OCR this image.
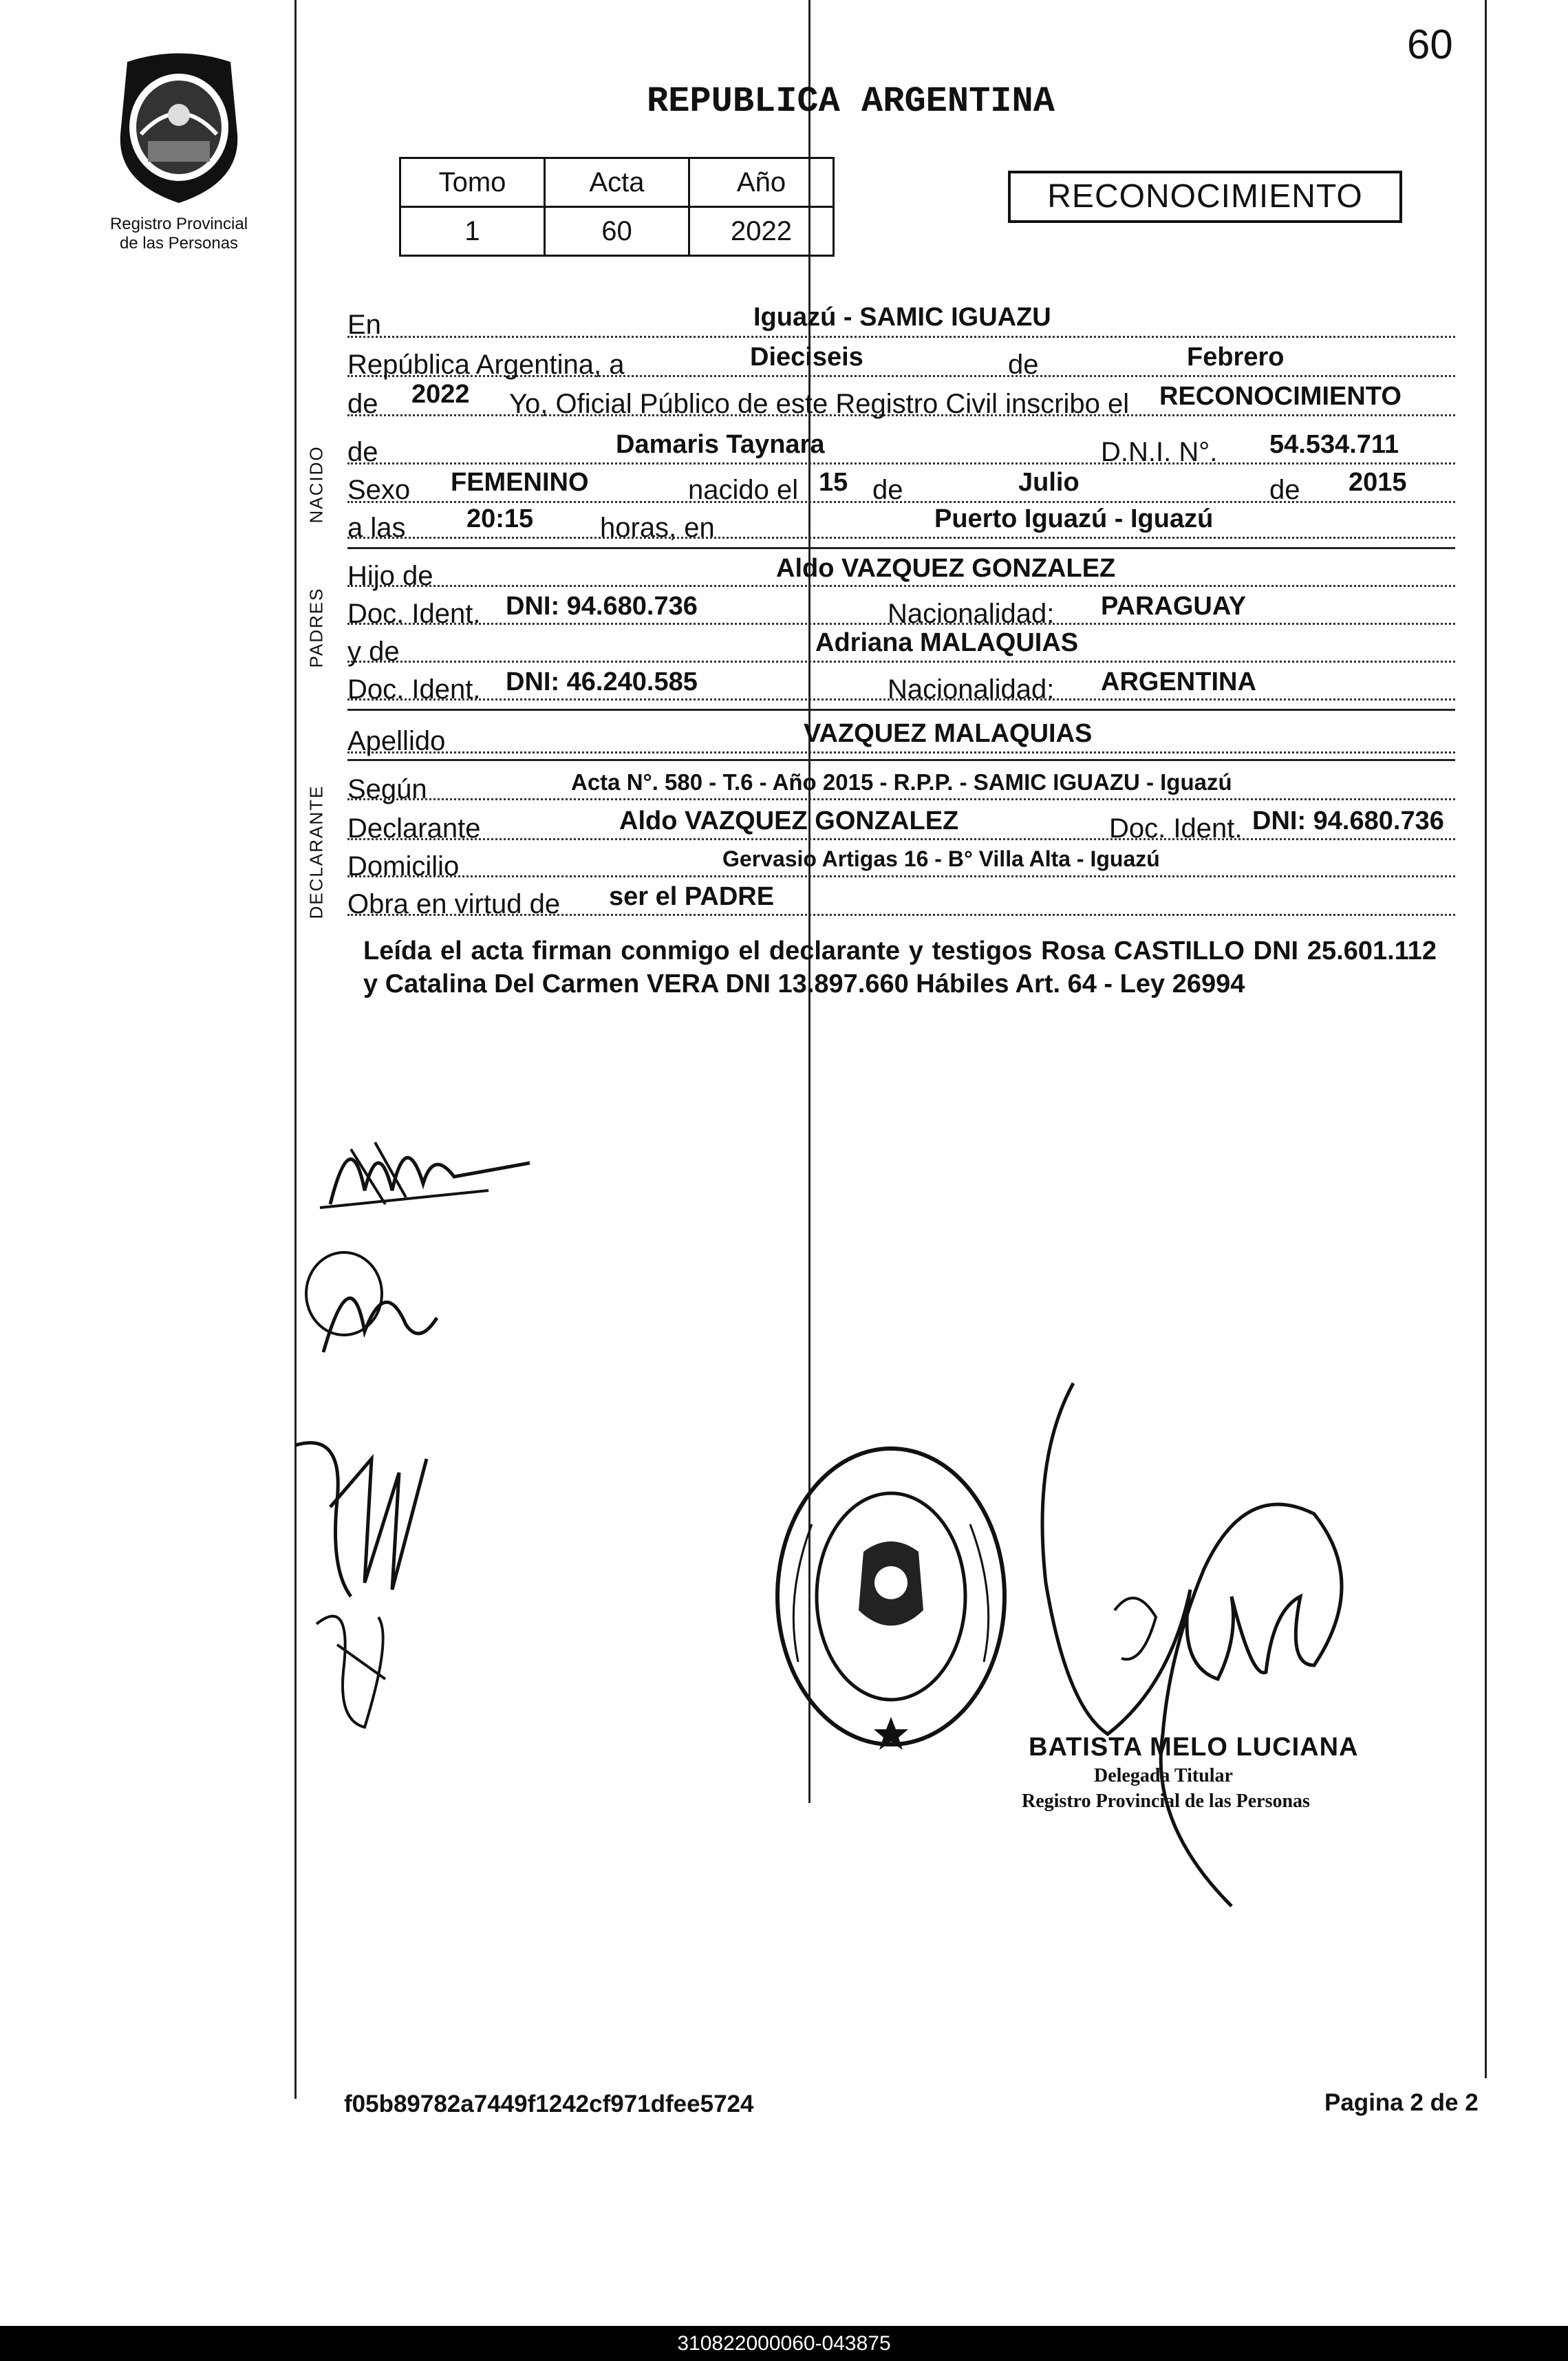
60
Registro Provincial
de las Personas
REPUBLICA ARGENTINA
Tomo	Acta	Año
1	60	2022
RECONOCIMIENTO
NACIDO
PADRES
DECLARANTE
En	Iguazú - SAMIC IGUAZU
República Argentina, a	Dieciseis	de	Febrero
de 2022 Yo, Oficial Público de este Registro Civil inscribo el RECONOCIMIENTO
de	Damaris Taynara	D.N.I. N°. 54.534.711
Sexo FEMENINO	nacido el 15 de	Julio	de 2015
a las 20:15 horas, en	Puerto Iguazú - Iguazú
Hijo de	Aldo VAZQUEZ GONZALEZ
Doc. Ident. DNI: 94.680.736	Nacionalidad: PARAGUAY
y de	Adriana MALAQUIAS
Doc. Ident. DNI: 46.240.585	Nacionalidad: ARGENTINA
Apellido	VAZQUEZ MALAQUIAS
Según	Acta N°. 580 - T.6 - Año 2015 - R.P.P. - SAMIC IGUAZU - Iguazú
Declarante	Aldo VAZQUEZ GONZALEZ	Doc. Ident. DNI: 94.680.736
Domicilio	Gervasio Artigas 16 - B° Villa Alta - Iguazú
Obra en virtud de ser el PADRE
Leída el acta firman conmigo el declarante y testigos Rosa CASTILLO DNI 25.601.112 y Catalina Del Carmen VERA DNI 13.897.660 Hábiles Art. 64 - Ley 26994
BATISTA MELO LUCIANA
Delegada Titular
Registro Provincial de las Personas
f05b89782a7449f1242cf971dfee5724	Pagina 2 de 2
310822000060-043875
